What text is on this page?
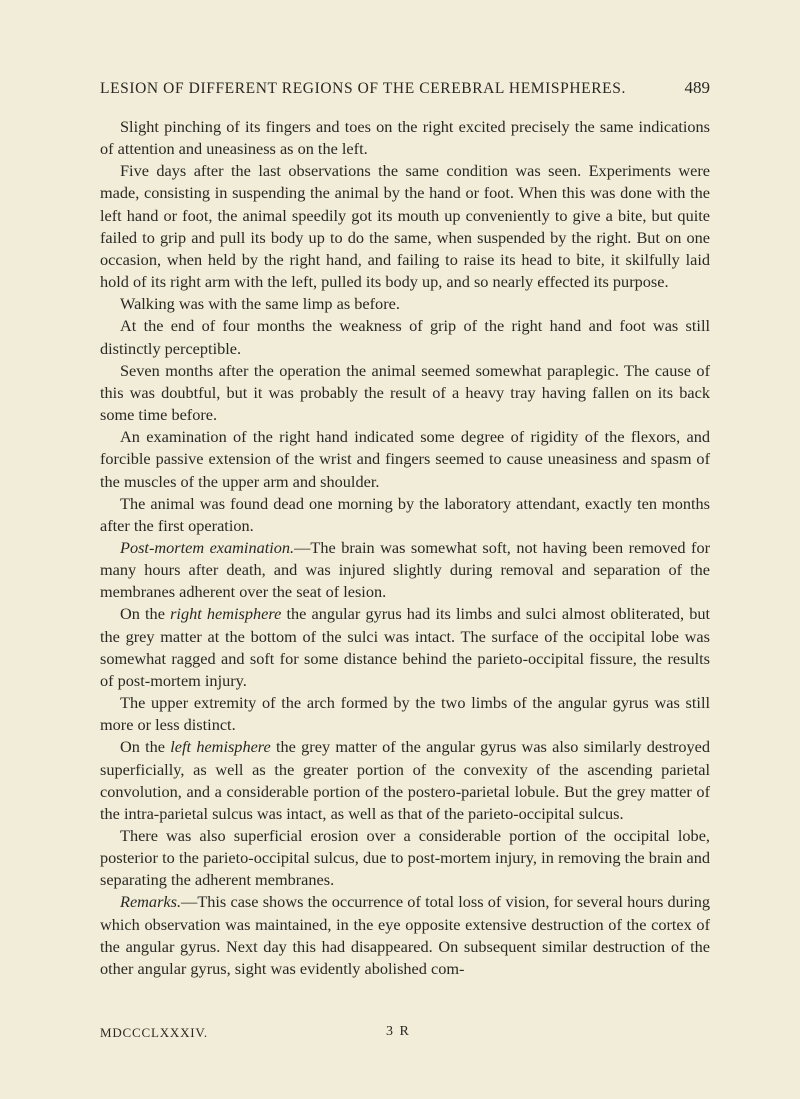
LESION OF DIFFERENT REGIONS OF THE CEREBRAL HEMISPHERES.	489

Slight pinching of its fingers and toes on the right excited precisely the same indications of attention and uneasiness as on the left.

Five days after the last observations the same condition was seen. Experiments were made, consisting in suspending the animal by the hand or foot. When this was done with the left hand or foot, the animal speedily got its mouth up conveniently to give a bite, but quite failed to grip and pull its body up to do the same, when suspended by the right. But on one occasion, when held by the right hand, and failing to raise its head to bite, it skilfully laid hold of its right arm with the left, pulled its body up, and so nearly effected its purpose.

Walking was with the same limp as before.

At the end of four months the weakness of grip of the right hand and foot was still distinctly perceptible.

Seven months after the operation the animal seemed somewhat paraplegic. The cause of this was doubtful, but it was probably the result of a heavy tray having fallen on its back some time before.

An examination of the right hand indicated some degree of rigidity of the flexors, and forcible passive extension of the wrist and fingers seemed to cause uneasiness and spasm of the muscles of the upper arm and shoulder.

The animal was found dead one morning by the laboratory attendant, exactly ten months after the first operation.

Post-mortem examination.—The brain was somewhat soft, not having been removed for many hours after death, and was injured slightly during removal and separation of the membranes adherent over the seat of lesion.

On the right hemisphere the angular gyrus had its limbs and sulci almost obliterated, but the grey matter at the bottom of the sulci was intact. The surface of the occipital lobe was somewhat ragged and soft for some distance behind the parieto-occipital fissure, the results of post-mortem injury.

The upper extremity of the arch formed by the two limbs of the angular gyrus was still more or less distinct.

On the left hemisphere the grey matter of the angular gyrus was also similarly destroyed superficially, as well as the greater portion of the convexity of the ascending parietal convolution, and a considerable portion of the postero-parietal lobule. But the grey matter of the intra-parietal sulcus was intact, as well as that of the parieto-occipital sulcus.

There was also superficial erosion over a considerable portion of the occipital lobe, posterior to the parieto-occipital sulcus, due to post-mortem injury, in removing the brain and separating the adherent membranes.

Remarks.—This case shows the occurrence of total loss of vision, for several hours during which observation was maintained, in the eye opposite extensive destruction of the cortex of the angular gyrus. Next day this had disappeared. On subsequent similar destruction of the other angular gyrus, sight was evidently abolished com-

MDCCCLXXXIV.	3 R
